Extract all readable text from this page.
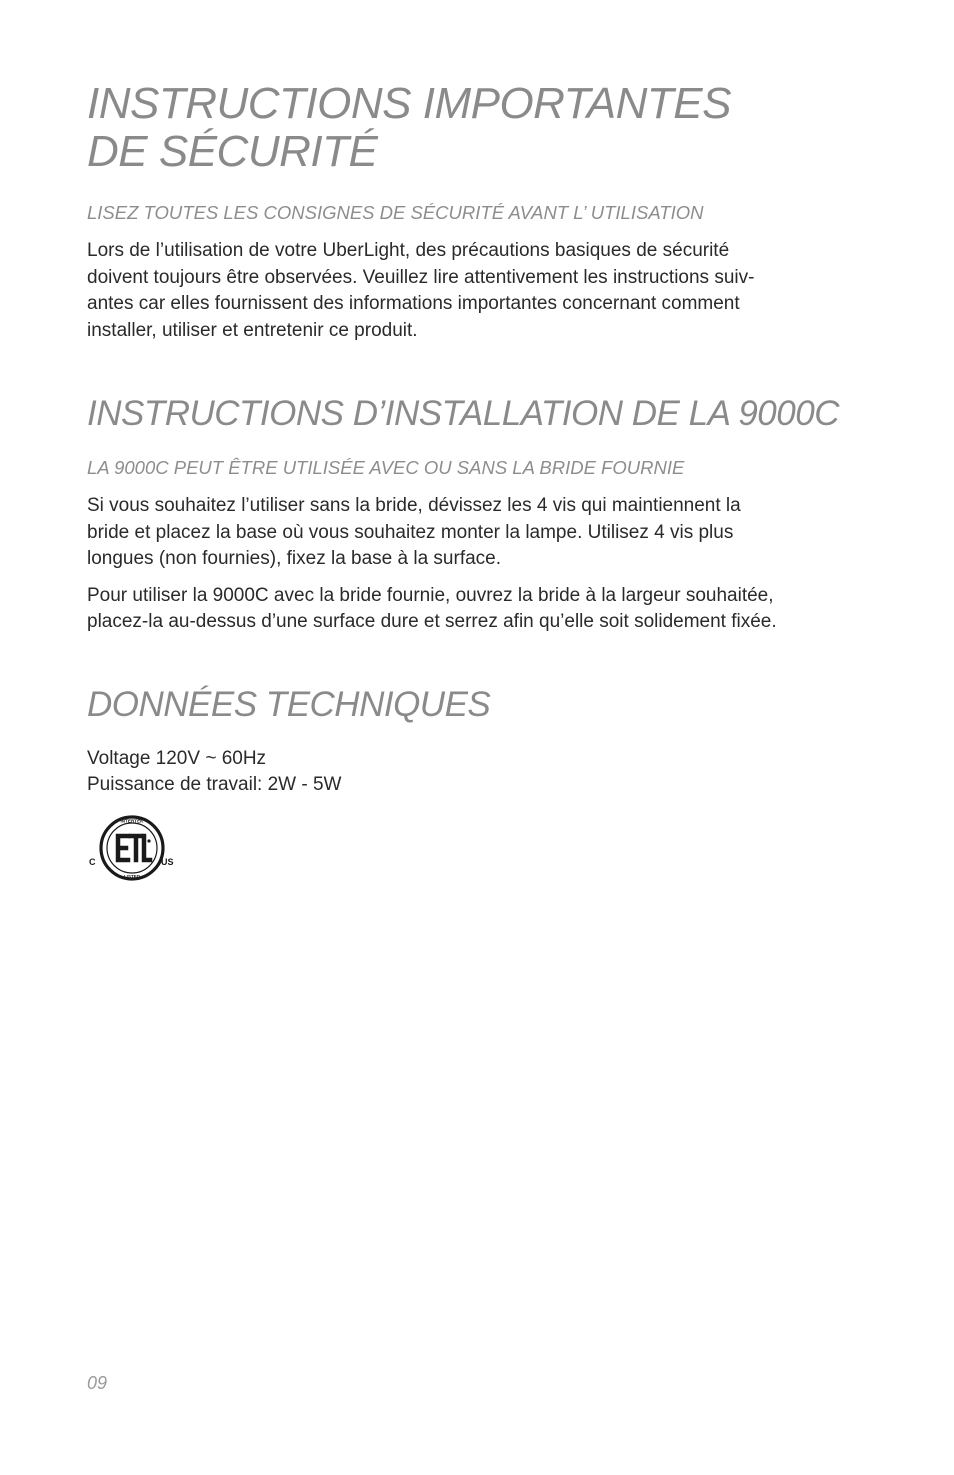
INSTRUCTIONS IMPORTANTES
DE SÉCURITÉ

LISEZ TOUTES LES CONSIGNES DE SÉCURITÉ AVANT L’ UTILISATION

Lors de l’utilisation de votre UberLight, des précautions basiques de sécurité
doivent toujours être observées. Veuillez lire attentivement les instructions suiv-
antes car elles fournissent des informations importantes concernant comment
installer, utiliser et entretenir ce produit.

INSTRUCTIONS D’INSTALLATION DE LA 9000C

LA 9000C PEUT ÊTRE UTILISÉE AVEC OU SANS LA BRIDE FOURNIE

Si vous souhaitez l’utiliser sans la bride, dévissez les 4 vis qui maintiennent la
bride et placez la base où vous souhaitez monter la lampe. Utilisez 4 vis plus
longues (non fournies), fixez la base à la surface.

Pour utiliser la 9000C avec la bride fournie, ouvrez la bride à la largeur souhaitée,
placez-la au-dessus d’une surface dure et serrez afin qu’elle soit solidement fixée.

DONNÉES TECHNIQUES

Voltage 120V ~ 60Hz
Puissance de travail: 2W - 5W

INTERTEK
LISTED
C	US
09
